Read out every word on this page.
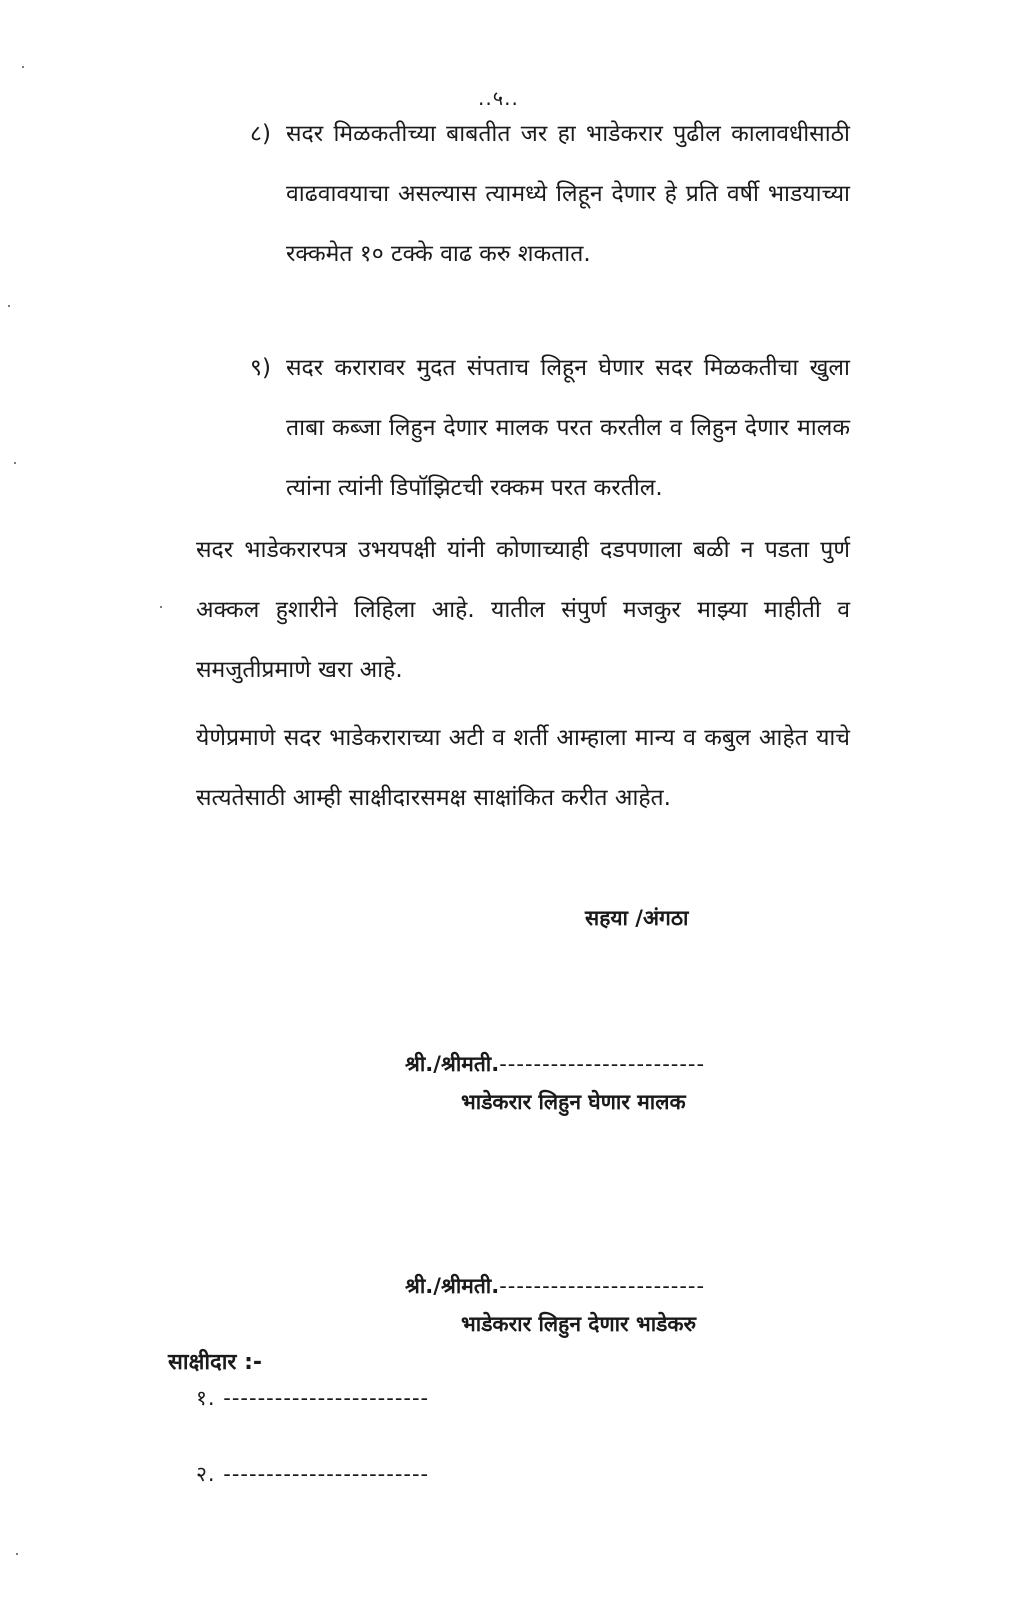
..५..
८) सदर मिळकतीच्या बाबतीत जर हा भाडेकरार पुढील कालावधीसाठी वाढवावयाचा असल्यास त्यामध्ये लिहून देणार हे प्रति वर्षी भाडयाच्या रक्कमेत १० टक्के वाढ करु शकतात.
९) सदर करारावर मुदत संपताच लिहून घेणार सदर मिळकतीचा खुला ताबा कब्जा लिहुन देणार मालक परत करतील व लिहुन देणार मालक त्यांना त्यांनी डिपॉझिटची रक्कम परत करतील.

सदर भाडेकरारपत्र उभयपक्षी यांनी कोणाच्याही दडपणाला बळी न पडता पुर्ण अक्कल हुशारीने लिहिला आहे. यातील संपुर्ण मजकुर माझ्या माहीती व समजुतीप्रमाणे खरा आहे.

येणेप्रमाणे सदर भाडेकराराच्या अटी व शर्ती आम्हाला मान्य व कबुल आहेत याचे सत्यतेसाठी आम्ही साक्षीदारसमक्ष साक्षांकित करीत आहेत.

सहया /अंगठा
श्री./श्रीमती.------------------------
भाडेकरार लिहुन घेणार मालक
श्री./श्रीमती.------------------------
भाडेकरार लिहुन देणार भाडेकरु
साक्षीदार :-
१. ------------------------
२. ------------------------
